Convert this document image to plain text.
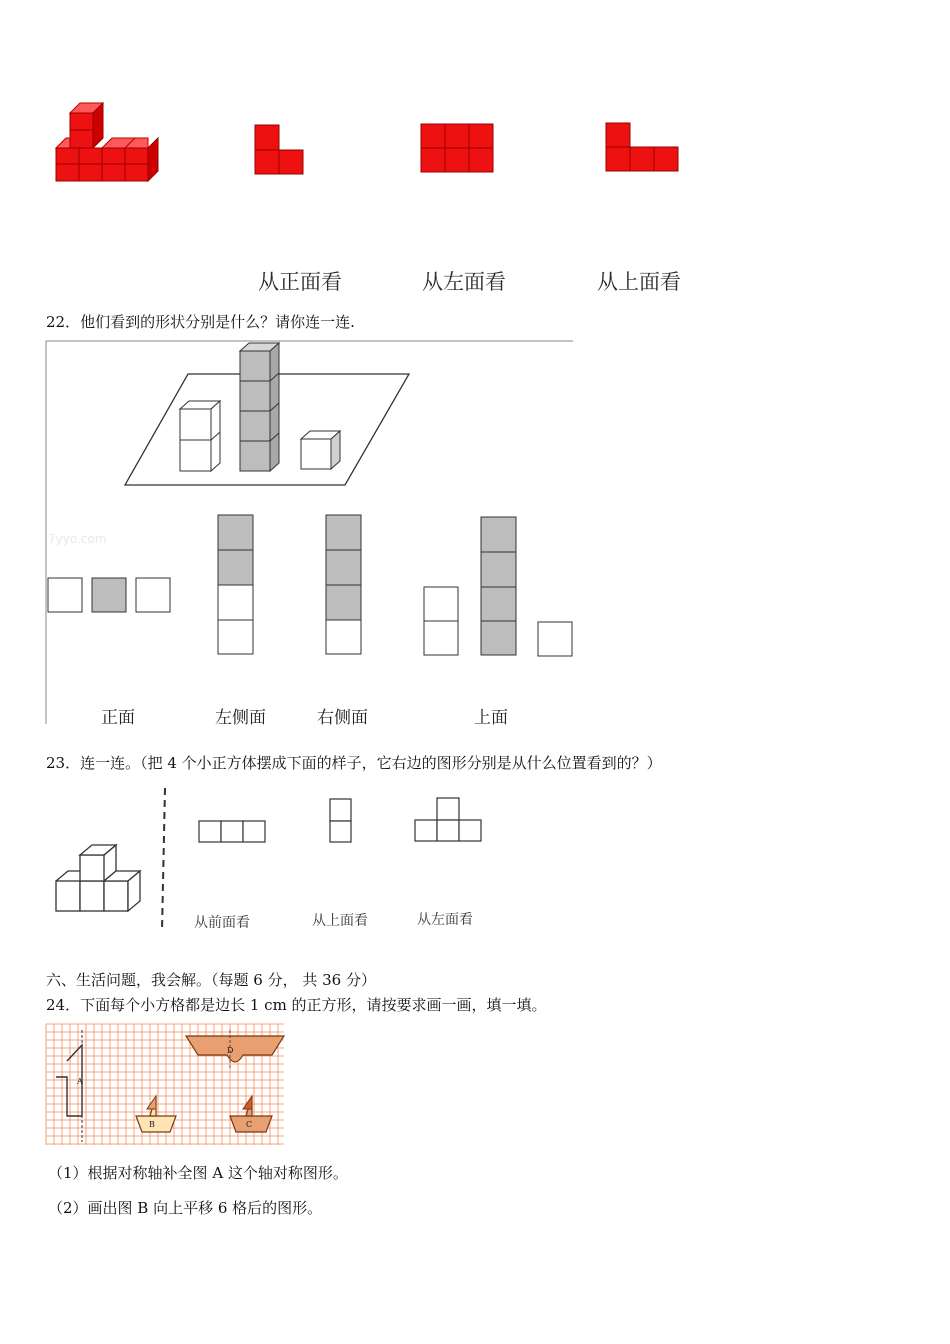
从正面看	从左面看	从上面看
22．他们看到的形状分别是什么？请你连一连.
7yyo.com
正面	左侧面	右侧面	上面
23．连一连。（把 4 个小正方体摆成下面的样子，它右边的图形分别是从什么位置看到的？）
从前面看	从上面看	从左面看
六、生活问题，我会解。（每题 6 分， 共 36 分）
24．下面每个小方格都是边长 1 cm 的正方形，请按要求画一画，填一填。
A
D
B	C
（1）根据对称轴补全图 A 这个轴对称图形。
（2）画出图 B 向上平移 6 格后的图形。
